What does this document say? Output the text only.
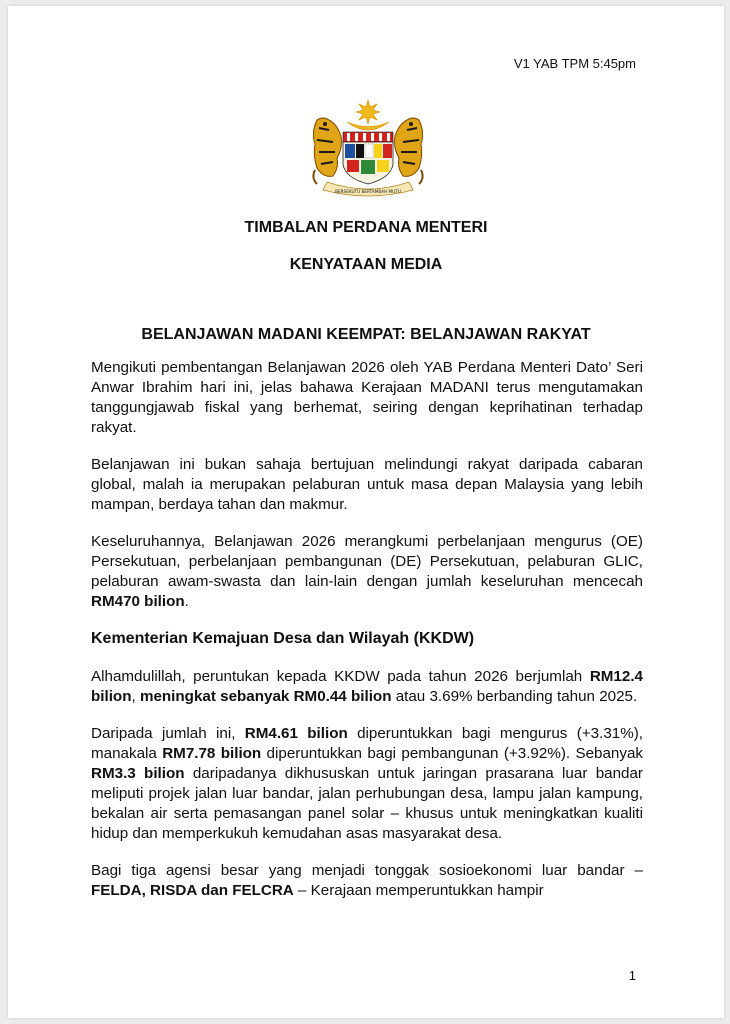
V1 YAB TPM 5:45pm
BERSEKUTU BERTAMBAH MUTU
TIMBALAN PERDANA MENTERI
KENYATAAN MEDIA
BELANJAWAN MADANI KEEMPAT: BELANJAWAN RAKYAT

Mengikuti pembentangan Belanjawan 2026 oleh YAB Perdana Menteri Dato’ Seri Anwar Ibrahim hari ini, jelas bahawa Kerajaan MADANI terus mengutamakan tanggungjawab fiskal yang berhemat, seiring dengan keprihatinan terhadap rakyat.

Belanjawan ini bukan sahaja bertujuan melindungi rakyat daripada cabaran global, malah ia merupakan pelaburan untuk masa depan Malaysia yang lebih mampan, berdaya tahan dan makmur.

Keseluruhannya, Belanjawan 2026 merangkumi perbelanjaan mengurus (OE) Persekutuan, perbelanjaan pembangunan (DE) Persekutuan, pelaburan GLIC, pelaburan awam-swasta dan lain-lain dengan jumlah keseluruhan mencecah RM470 bilion.

Kementerian Kemajuan Desa dan Wilayah (KKDW)

Alhamdulillah, peruntukan kepada KKDW pada tahun 2026 berjumlah RM12.4 bilion, meningkat sebanyak RM0.44 bilion atau 3.69% berbanding tahun 2025.

Daripada jumlah ini, RM4.61 bilion diperuntukkan bagi mengurus (+3.31%), manakala RM7.78 bilion diperuntukkan bagi pembangunan (+3.92%). Sebanyak RM3.3 bilion daripadanya dikhususkan untuk jaringan prasarana luar bandar meliputi projek jalan luar bandar, jalan perhubungan desa, lampu jalan kampung, bekalan air serta pemasangan panel solar – khusus untuk meningkatkan kualiti hidup dan memperkukuh kemudahan asas masyarakat desa.

Bagi tiga agensi besar yang menjadi tonggak sosioekonomi luar bandar – FELDA, RISDA dan FELCRA – Kerajaan memperuntukkan hampir

1
